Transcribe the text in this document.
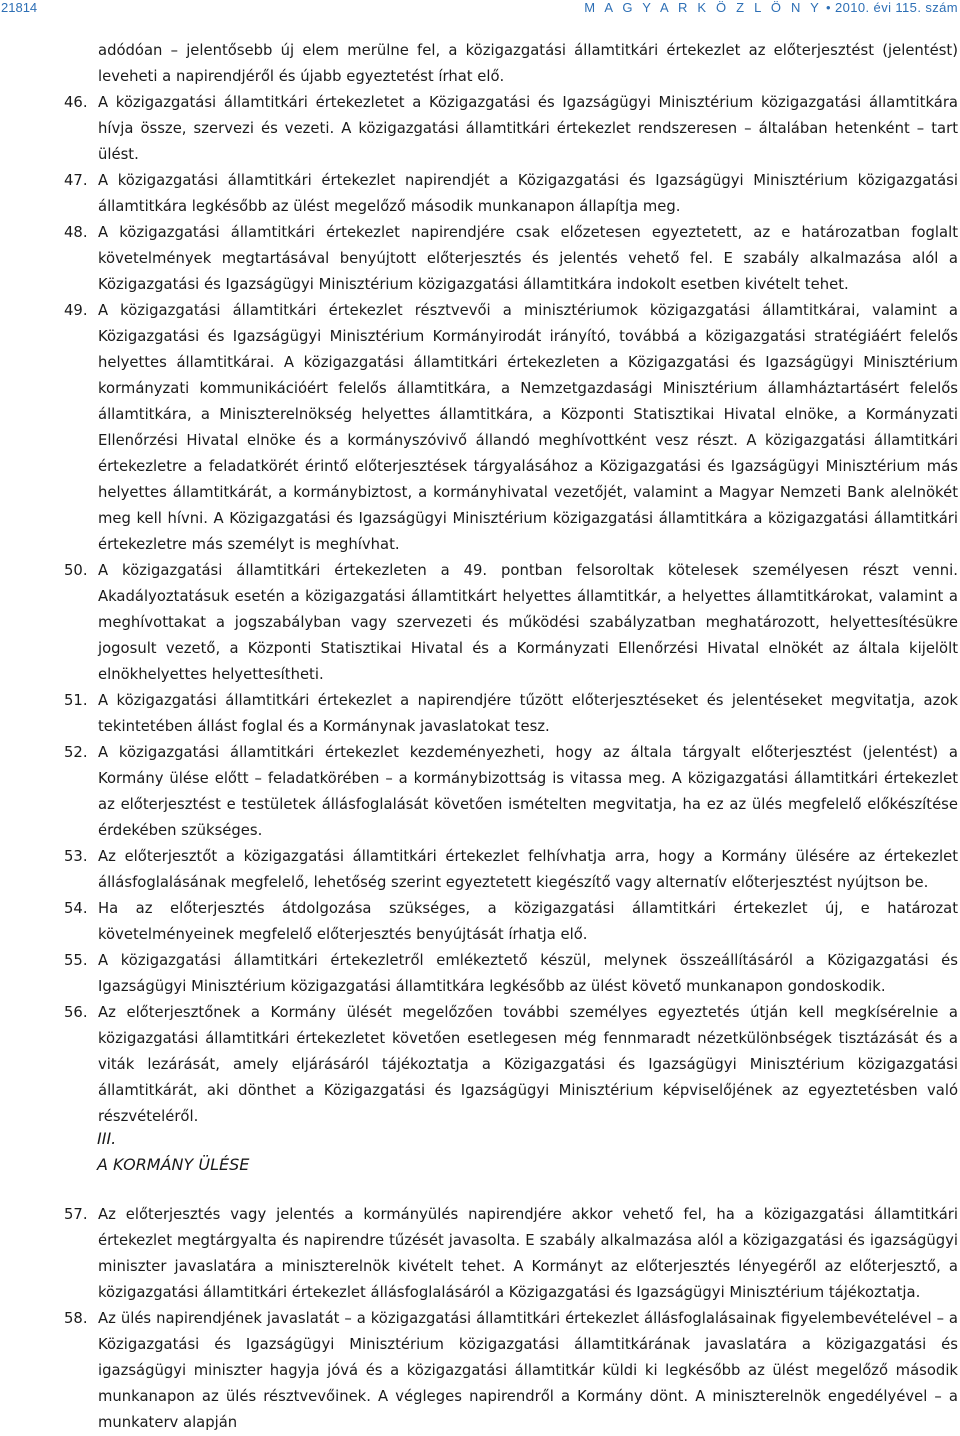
21814	M A G Y A R K Ö Z L Ö N Y • 2010. évi 115. szám

adódóan – jelentősebb új elem merülne fel, a közigazgatási államtitkári értekezlet az előterjesztést (jelentést) leveheti a napirendjéről és újabb egyeztetést írhat elő.

46. A közigazgatási államtitkári értekezletet a Közigazgatási és Igazságügyi Minisztérium közigazgatási államtitkára hívja össze, szervezi és vezeti. A közigazgatási államtitkári értekezlet rendszeresen – általában hetenként – tart ülést.

47. A közigazgatási államtitkári értekezlet napirendjét a Közigazgatási és Igazságügyi Minisztérium közigazgatási államtitkára legkésőbb az ülést megelőző második munkanapon állapítja meg.

48. A közigazgatási államtitkári értekezlet napirendjére csak előzetesen egyeztetett, az e határozatban foglalt követelmények megtartásával benyújtott előterjesztés és jelentés vehető fel. E szabály alkalmazása alól a Közigazgatási és Igazságügyi Minisztérium közigazgatási államtitkára indokolt esetben kivételt tehet.

49. A közigazgatási államtitkári értekezlet résztvevői a minisztériumok közigazgatási államtitkárai, valamint a Közigazgatási és Igazságügyi Minisztérium Kormányirodát irányító, továbbá a közigazgatási stratégiáért felelős helyettes államtitkárai. A közigazgatási államtitkári értekezleten a Közigazgatási és Igazságügyi Minisztérium kormányzati kommunikációért felelős államtitkára, a Nemzetgazdasági Minisztérium államháztartásért felelős államtitkára, a Miniszterelnökség helyettes államtitkára, a Központi Statisztikai Hivatal elnöke, a Kormányzati Ellenőrzési Hivatal elnöke és a kormányszóvivő állandó meghívottként vesz részt. A közigazgatási államtitkári értekezletre a feladatkörét érintő előterjesztések tárgyalásához a Közigazgatási és Igazságügyi Minisztérium más helyettes államtitkárát, a kormánybiztost, a kormányhivatal vezetőjét, valamint a Magyar Nemzeti Bank alelnökét meg kell hívni. A Közigazgatási és Igazságügyi Minisztérium közigazgatási államtitkára a közigazgatási államtitkári értekezletre más személyt is meghívhat.

50. A közigazgatási államtitkári értekezleten a 49. pontban felsoroltak kötelesek személyesen részt venni. Akadályoztatásuk esetén a közigazgatási államtitkárt helyettes államtitkár, a helyettes államtitkárokat, valamint a meghívottakat a jogszabályban vagy szervezeti és működési szabályzatban meghatározott, helyettesítésükre jogosult vezető, a Központi Statisztikai Hivatal és a Kormányzati Ellenőrzési Hivatal elnökét az általa kijelölt elnökhelyettes helyettesítheti.

51. A közigazgatási államtitkári értekezlet a napirendjére tűzött előterjesztéseket és jelentéseket megvitatja, azok tekintetében állást foglal és a Kormánynak javaslatokat tesz.

52. A közigazgatási államtitkári értekezlet kezdeményezheti, hogy az általa tárgyalt előterjesztést (jelentést) a Kormány ülése előtt – feladatkörében – a kormánybizottság is vitassa meg. A közigazgatási államtitkári értekezlet az előterjesztést e testületek állásfoglalását követően ismételten megvitatja, ha ez az ülés megfelelő előkészítése érdekében szükséges.

53. Az előterjesztőt a közigazgatási államtitkári értekezlet felhívhatja arra, hogy a Kormány ülésére az értekezlet állásfoglalásának megfelelő, lehetőség szerint egyeztetett kiegészítő vagy alternatív előterjesztést nyújtson be.

54. Ha az előterjesztés átdolgozása szükséges, a közigazgatási államtitkári értekezlet új, e határozat követelményeinek megfelelő előterjesztés benyújtását írhatja elő.

55. A közigazgatási államtitkári értekezletről emlékeztető készül, melynek összeállításáról a Közigazgatási és Igazságügyi Minisztérium közigazgatási államtitkára legkésőbb az ülést követő munkanapon gondoskodik.

56. Az előterjesztőnek a Kormány ülését megelőzően további személyes egyeztetés útján kell megkísérelnie a közigazgatási államtitkári értekezletet követően esetlegesen még fennmaradt nézetkülönbségek tisztázását és a viták lezárását, amely eljárásáról tájékoztatja a Közigazgatási és Igazságügyi Minisztérium közigazgatási államtitkárát, aki dönthet a Közigazgatási és Igazságügyi Minisztérium képviselőjének az egyeztetésben való részvételéről.

III.
A KORMÁNY ÜLÉSE

57. Az előterjesztés vagy jelentés a kormányülés napirendjére akkor vehető fel, ha a közigazgatási államtitkári értekezlet megtárgyalta és napirendre tűzését javasolta. E szabály alkalmazása alól a közigazgatási és igazságügyi miniszter javaslatára a miniszterelnök kivételt tehet. A Kormányt az előterjesztés lényegéről az előterjesztő, a közigazgatási államtitkári értekezlet állásfoglalásáról a Közigazgatási és Igazságügyi Minisztérium tájékoztatja.

58. Az ülés napirendjének javaslatát – a közigazgatási államtitkári értekezlet állásfoglalásainak figyelembevételével – a Közigazgatási és Igazságügyi Minisztérium közigazgatási államtitkárának javaslatára a közigazgatási és igazságügyi miniszter hagyja jóvá és a közigazgatási államtitkár küldi ki legkésőbb az ülést megelőző második munkanapon az ülés résztvevőinek. A végleges napirendről a Kormány dönt. A miniszterelnök engedélyével – a munkaterv alapján
